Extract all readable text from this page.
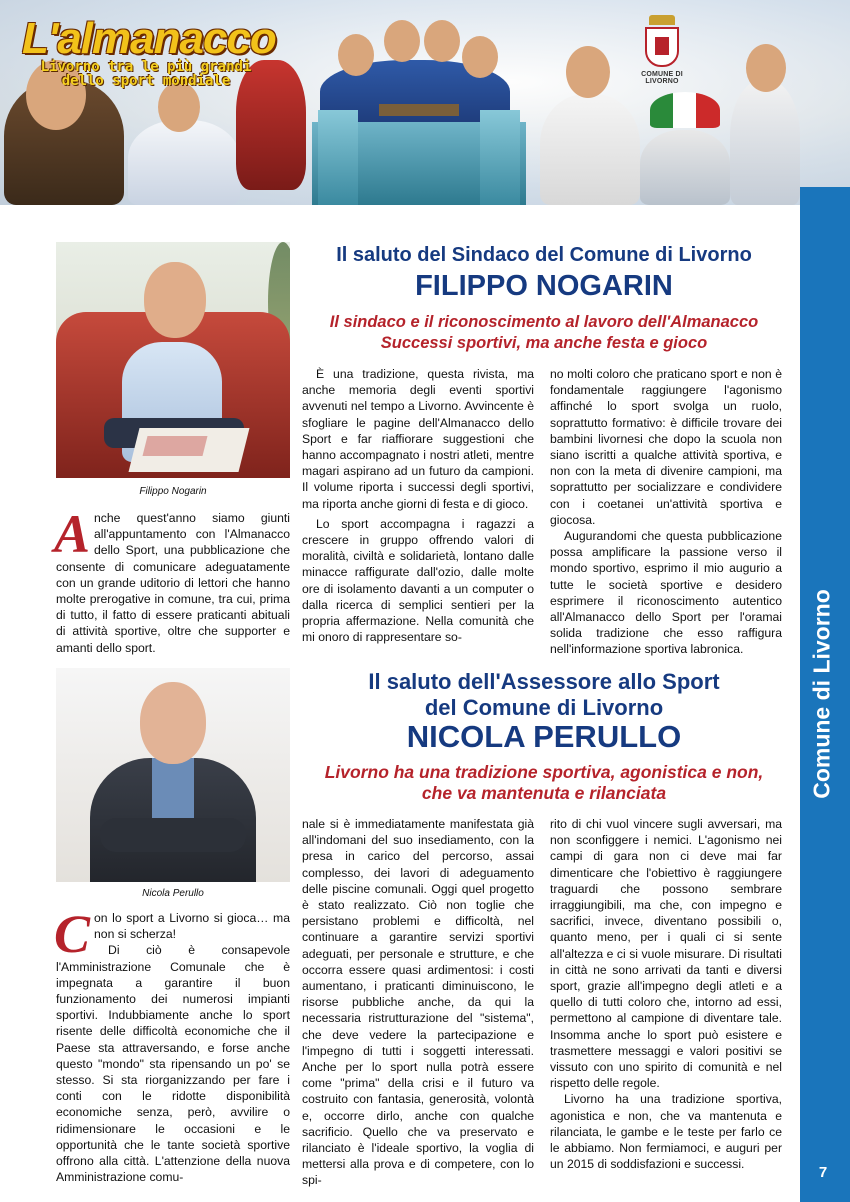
L'almanacco
Livorno tra le più grandi dello sport mondiale	COMUNE DI LIVORNO
Comune di Livorno
7
Filippo Nogarin
Il saluto del Sindaco del Comune di Livorno
FILIPPO NOGARIN
Il sindaco e il riconoscimento al lavoro dell'Almanacco
Successi sportivi, ma anche festa e gioco

Anche quest'anno siamo giunti all'appuntamento con l'Almanacco dello Sport, una pubblicazione che consente di comunicare adeguatamente con un grande uditorio di lettori che hanno molte prerogative in comune, tra cui, prima di tutto, il fatto di essere praticanti abituali di attività sportive, oltre che supporter e amanti dello sport.

È una tradizione, questa rivista, ma anche memoria degli eventi sportivi avvenuti nel tempo a Livorno. Avvincente è sfogliare le pagine dell'Almanacco dello Sport e far riaffiorare suggestioni che hanno accompagnato i nostri atleti, mentre magari aspirano ad un futuro da campioni. Il volume riporta i successi degli sportivi, ma riporta anche giorni di festa e di gioco.

Lo sport accompagna i ragazzi a crescere in gruppo offrendo valori di moralità, civiltà e solidarietà, lontano dalle minacce raffigurate dall'ozio, dalle molte ore di isolamento davanti a un computer o dalla ricerca di semplici sentieri per la propria affermazione. Nella comunità che mi onoro di rappresentare so-

no molti coloro che praticano sport e non è fondamentale raggiungere l'agonismo affinché lo sport svolga un ruolo, soprattutto formativo: è difficile trovare dei bambini livornesi che dopo la scuola non siano iscritti a qualche attività sportiva, e non con la meta di divenire campioni, ma soprattutto per socializzare e condividere con i coetanei un'attività sportiva e giocosa.

Augurandomi che questa pubblicazione possa amplificare la passione verso il mondo sportivo, esprimo il mio augurio a tutte le società sportive e desidero esprimere il riconoscimento autentico all'Almanacco dello Sport per l'oramai solida tradizione che esso raffigura nell'informazione sportiva labronica.

Nicola Perullo
Il saluto dell'Assessore allo Sport
del Comune di Livorno
NICOLA PERULLO
Livorno ha una tradizione sportiva, agonistica e non,
che va mantenuta e rilanciata

Con lo sport a Livorno si gioca… ma non si scherza!

Di ciò è consapevole l'Amministrazione Comunale che è impegnata a garantire il buon funzionamento dei numerosi impianti sportivi. Indubbiamente anche lo sport risente delle difficoltà economiche che il Paese sta attraversando, e forse anche questo "mondo" sta ripensando un po' se stesso. Si sta riorganizzando per fare i conti con le ridotte disponibilità economiche senza, però, avvilire o ridimensionare le occasioni e le opportunità che le tante società sportive offrono alla città. L'attenzione della nuova Amministrazione comu-

nale si è immediatamente manifestata già all'indomani del suo insediamento, con la presa in carico del percorso, assai complesso, dei lavori di adeguamento delle piscine comunali. Oggi quel progetto è stato realizzato. Ciò non toglie che persistano problemi e difficoltà, nel continuare a garantire servizi sportivi adeguati, per personale e strutture, e che occorra essere quasi ardimentosi: i costi aumentano, i praticanti diminuiscono, le risorse pubbliche anche, da qui la necessaria ristrutturazione del "sistema", che deve vedere la partecipazione e l'impegno di tutti i soggetti interessati. Anche per lo sport nulla potrà essere come "prima" della crisi e il futuro va costruito con fantasia, generosità, volontà e, occorre dirlo, anche con qualche sacrificio. Quello che va preservato e rilanciato è l'ideale sportivo, la voglia di mettersi alla prova e di competere, con lo spi-

rito di chi vuol vincere sugli avversari, ma non sconfiggere i nemici. L'agonismo nei campi di gara non ci deve mai far dimenticare che l'obiettivo è raggiungere traguardi che possono sembrare irraggiungibili, ma che, con impegno e sacrifici, invece, diventano possibili o, quanto meno, per i quali ci si sente all'altezza e ci si vuole misurare. Di risultati in città ne sono arrivati da tanti e diversi sport, grazie all'impegno degli atleti e a quello di tutti coloro che, intorno ad essi, permettono al campione di diventare tale. Insomma anche lo sport può esistere e trasmettere messaggi e valori positivi se vissuto con uno spirito di comunità e nel rispetto delle regole.

Livorno ha una tradizione sportiva, agonistica e non, che va mantenuta e rilanciata, le gambe e le teste per farlo ce le abbiamo. Non fermiamoci, e auguri per un 2015 di soddisfazioni e successi.
